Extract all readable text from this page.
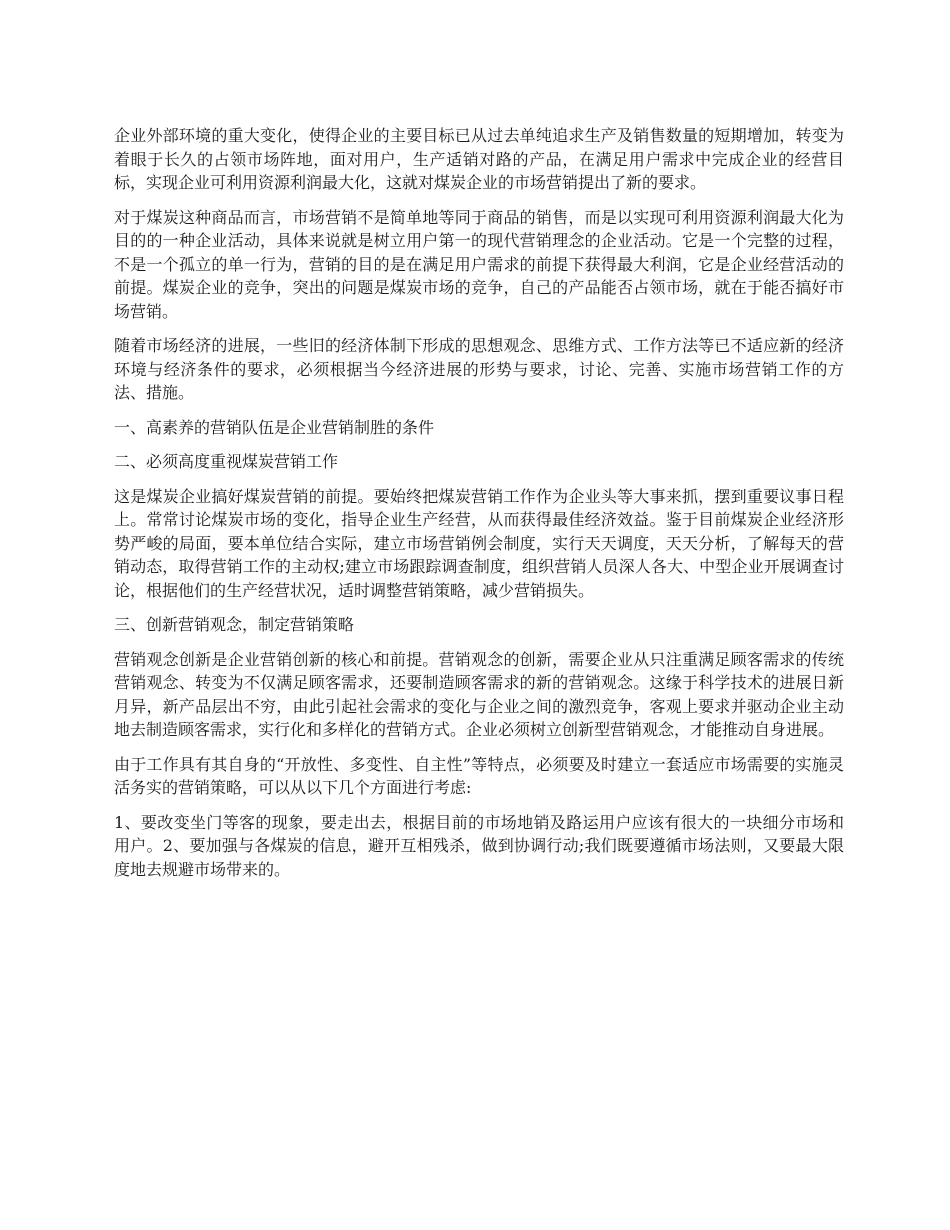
企业外部环境的重大变化，使得企业的主要目标已从过去单纯追求生产及销售数量的短期增加，转变为着眼于长久的占领市场阵地，面对用户，生产适销对路的产品，在满足用户需求中完成企业的经营目标，实现企业可利用资源利润最大化，这就对煤炭企业的市场营销提出了新的要求。

对于煤炭这种商品而言，市场营销不是简单地等同于商品的销售，而是以实现可利用资源利润最大化为目的的一种企业活动，具体来说就是树立用户第一的现代营销理念的企业活动。它是一个完整的过程，不是一个孤立的单一行为，营销的目的是在满足用户需求的前提下获得最大利润，它是企业经营活动的前提。煤炭企业的竞争，突出的问题是煤炭市场的竞争，自己的产品能否占领市场，就在于能否搞好市场营销。

随着市场经济的进展，一些旧的经济体制下形成的思想观念、思维方式、工作方法等已不适应新的经济环境与经济条件的要求，必须根据当今经济进展的形势与要求，讨论、完善、实施市场营销工作的方法、措施。

一、高素养的营销队伍是企业营销制胜的条件

二、必须高度重视煤炭营销工作

这是煤炭企业搞好煤炭营销的前提。要始终把煤炭营销工作作为企业头等大事来抓，摆到重要议事日程上。常常讨论煤炭市场的变化，指导企业生产经营，从而获得最佳经济效益。鉴于目前煤炭企业经济形势严峻的局面，要本单位结合实际，建立市场营销例会制度，实行天天调度，天天分析，了解每天的营销动态，取得营销工作的主动权;建立市场跟踪调查制度，组织营销人员深人各大、中型企业开展调查讨论，根据他们的生产经营状况，适时调整营销策略，减少营销损失。

三、创新营销观念，制定营销策略

营销观念创新是企业营销创新的核心和前提。营销观念的创新，需要企业从只注重满足顾客需求的传统营销观念、转变为不仅满足顾客需求，还要制造顾客需求的新的营销观念。这缘于科学技术的进展日新月异，新产品层出不穷，由此引起社会需求的变化与企业之间的激烈竞争，客观上要求并驱动企业主动地去制造顾客需求，实行化和多样化的营销方式。企业必须树立创新型营销观念，才能推动自身进展。

由于工作具有其自身的“开放性、多变性、自主性”等特点，必须要及时建立一套适应市场需要的实施灵活务实的营销策略，可以从以下几个方面进行考虑:

1、要改变坐门等客的现象，要走出去，根据目前的市场地销及路运用户应该有很大的一块细分市场和用户。2、要加强与各煤炭的信息，避开互相残杀，做到协调行动;我们既要遵循市场法则，又要最大限度地去规避市场带来的。
